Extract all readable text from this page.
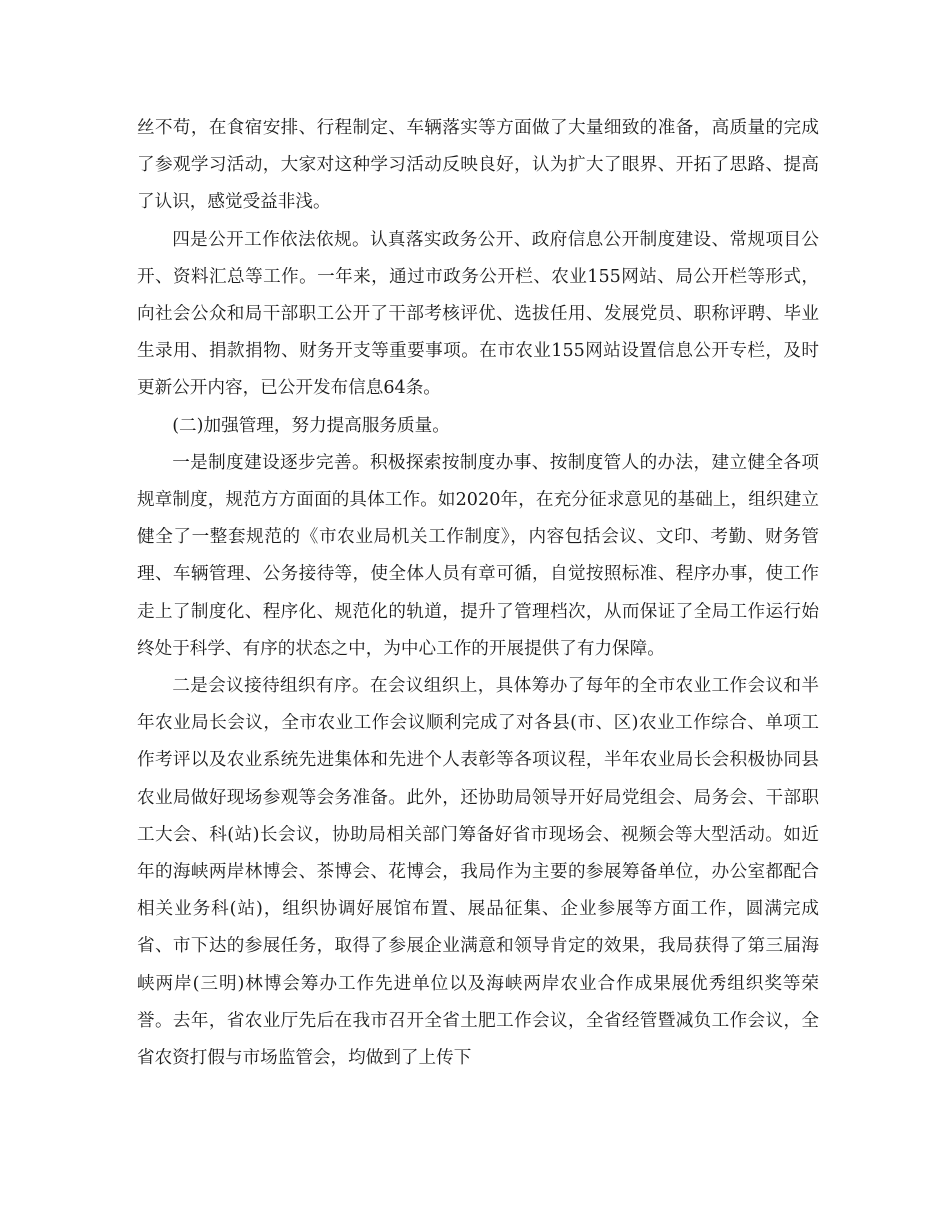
丝不苟，在食宿安排、行程制定、车辆落实等方面做了大量细致的准备，高质量的完成了参观学习活动，大家对这种学习活动反映良好，认为扩大了眼界、开拓了思路、提高了认识，感觉受益非浅。

四是公开工作依法依规。认真落实政务公开、政府信息公开制度建设、常规项目公开、资料汇总等工作。一年来，通过市政务公开栏、农业155网站、局公开栏等形式，向社会公众和局干部职工公开了干部考核评优、选拔任用、发展党员、职称评聘、毕业生录用、捐款捐物、财务开支等重要事项。在市农业155网站设置信息公开专栏，及时更新公开内容，已公开发布信息64条。

(二)加强管理，努力提高服务质量。

一是制度建设逐步完善。积极探索按制度办事、按制度管人的办法，建立健全各项规章制度，规范方方面面的具体工作。如2020年，在充分征求意见的基础上，组织建立健全了一整套规范的《市农业局机关工作制度》，内容包括会议、文印、考勤、财务管理、车辆管理、公务接待等，使全体人员有章可循，自觉按照标准、程序办事，使工作走上了制度化、程序化、规范化的轨道，提升了管理档次，从而保证了全局工作运行始终处于科学、有序的状态之中，为中心工作的开展提供了有力保障。

二是会议接待组织有序。在会议组织上，具体筹办了每年的全市农业工作会议和半年农业局长会议，全市农业工作会议顺利完成了对各县(市、区)农业工作综合、单项工作考评以及农业系统先进集体和先进个人表彰等各项议程，半年农业局长会积极协同县农业局做好现场参观等会务准备。此外，还协助局领导开好局党组会、局务会、干部职工大会、科(站)长会议，协助局相关部门筹备好省市现场会、视频会等大型活动。如近年的海峡两岸林博会、茶博会、花博会，我局作为主要的参展筹备单位，办公室都配合相关业务科(站)，组织协调好展馆布置、展品征集、企业参展等方面工作，圆满完成省、市下达的参展任务，取得了参展企业满意和领导肯定的效果，我局获得了第三届海峡两岸(三明)林博会筹办工作先进单位以及海峡两岸农业合作成果展优秀组织奖等荣誉。去年，省农业厅先后在我市召开全省土肥工作会议，全省经管暨减负工作会议，全省农资打假与市场监管会，均做到了上传下
